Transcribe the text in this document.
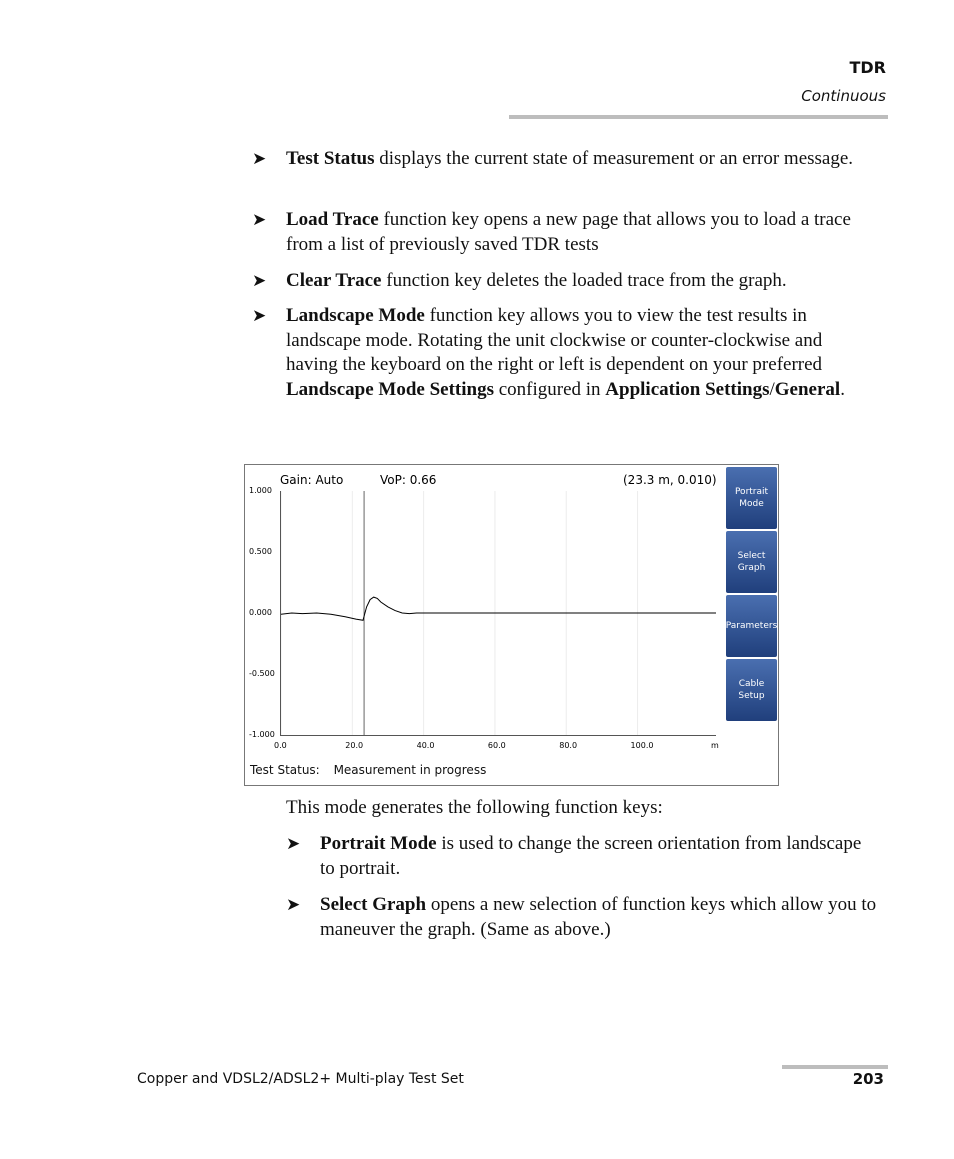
TDR
Continuous
➤ Test Status displays the current state of measurement or an error message.
➤ Load Trace function key opens a new page that allows you to load a trace from a list of previously saved TDR tests
➤ Clear Trace function key deletes the loaded trace from the graph.
➤ Landscape Mode function key allows you to view the test results in landscape mode. Rotating the unit clockwise or counter-clockwise and having the keyboard on the right or left is dependent on your preferred Landscape Mode Settings configured in Application Settings/General.
Gain: Auto	VoP: 0.66	(23.3 m, 0.010)
1.000
0.500
0.000
-0.500
-1.000
0.0	20.0	40.0	60.0	80.0	100.0	m
Test Status: Measurement in progress
Portrait
Mode
Select
Graph
Parameters
Cable Setup
This mode generates the following function keys:
➤ Portrait Mode is used to change the screen orientation from landscape to portrait.
➤ Select Graph opens a new selection of function keys which allow you to maneuver the graph. (Same as above.)
Copper and VDSL2/ADSL2+ Multi-play Test Set	203
